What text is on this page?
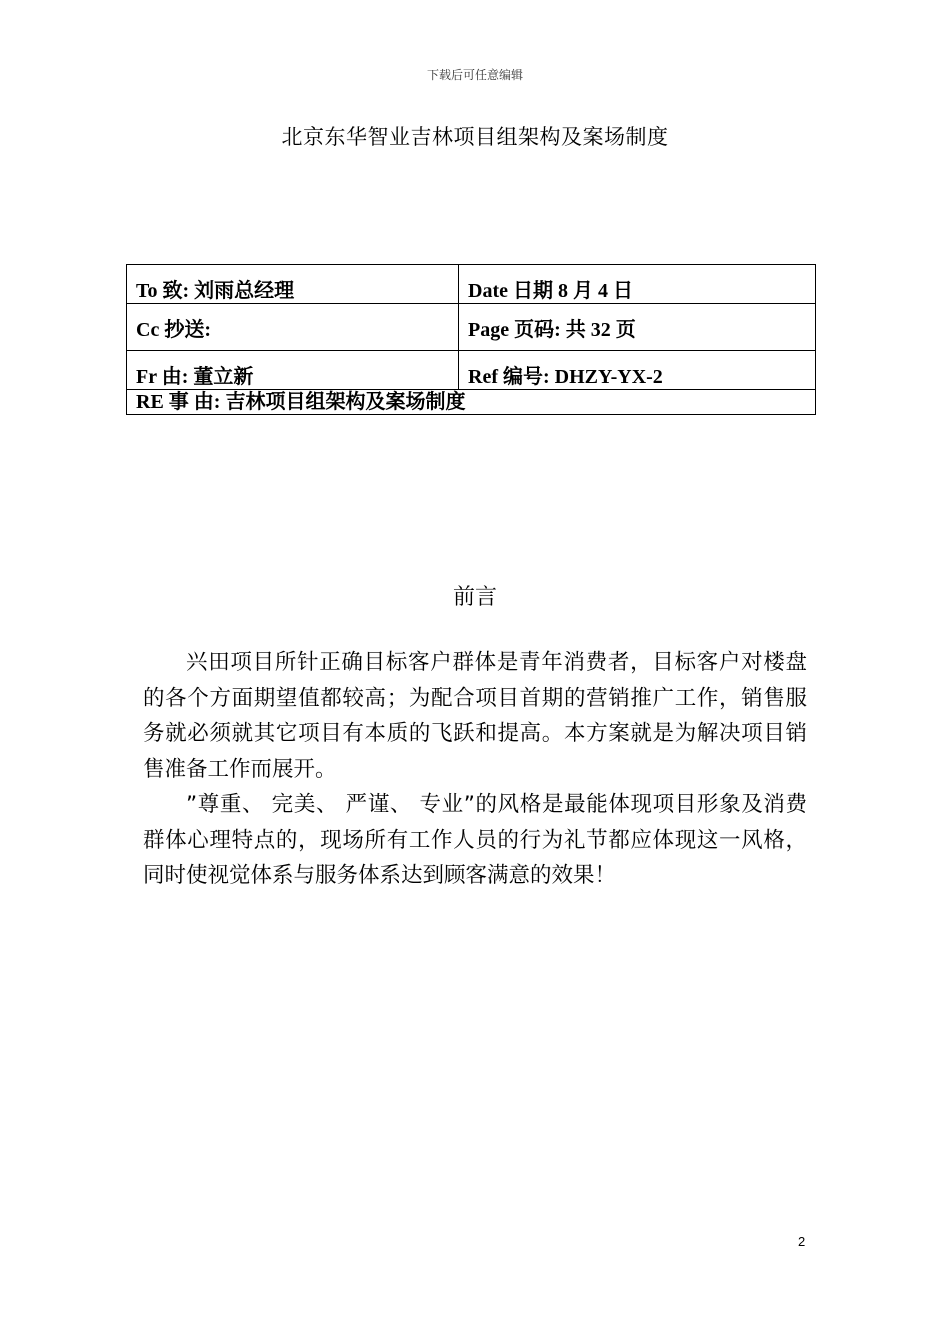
下载后可任意编辑
北京东华智业吉林项目组架构及案场制度
To 致: 刘雨总经理	Date 日期 8 月 4 日
Cc 抄送:	Page 页码: 共 32 页
Fr 由: 董立新	Ref 编号: DHZY-YX-2
RE 事 由: 吉林项目组架构及案场制度	
前言

兴田项目所针正确目标客户群体是青年消费者，目标客户对楼盘的各个方面期望值都较高；为配合项目首期的营销推广工作，销售服务就必须就其它项目有本质的飞跃和提高。本方案就是为解决项目销售准备工作而展开。

”尊重、 完美、 严谨、 专业”的风格是最能体现项目形象及消费群体心理特点的，现场所有工作人员的行为礼节都应体现这一风格，同时使视觉体系与服务体系达到顾客满意的效果！

2
